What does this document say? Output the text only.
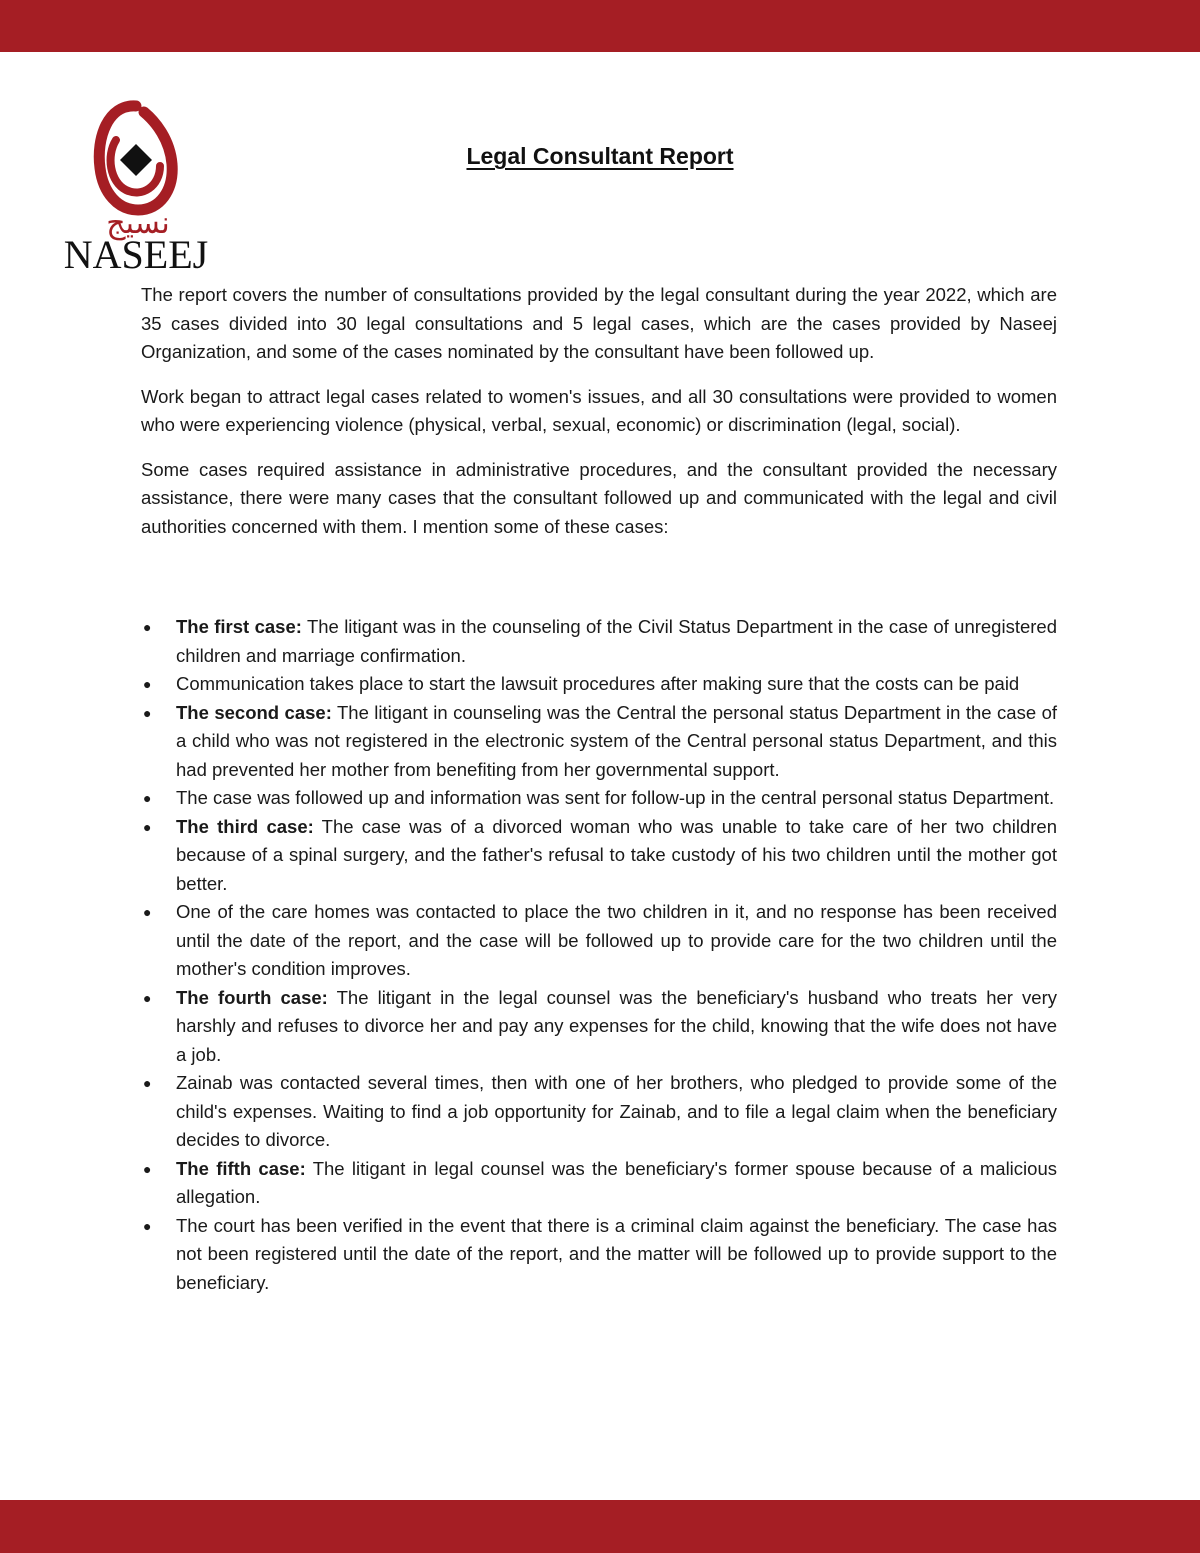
نسيج
NASEEJ
Legal Consultant Report

The report covers the number of consultations provided by the legal consultant during the year 2022, which are 35 cases divided into 30 legal consultations and 5 legal cases, which are the cases provided by Naseej Organization, and some of the cases nominated by the consultant have been followed up.

Work began to attract legal cases related to women's issues, and all 30 consultations were provided to women who were experiencing violence (physical, verbal, sexual, economic) or discrimination (legal, social).

Some cases required assistance in administrative procedures, and the consultant provided the necessary assistance, there were many cases that the consultant followed up and communicated with the legal and civil authorities concerned with them. I mention some of these cases:

● The first case: The litigant was in the counseling of the Civil Status Department in the case of unregistered children and marriage confirmation.
● Communication takes place to start the lawsuit procedures after making sure that the costs can be paid
● The second case: The litigant in counseling was the Central the personal status Department in the case of a child who was not registered in the electronic system of the Central personal status Department, and this had prevented her mother from benefiting from her governmental support.
● The case was followed up and information was sent for follow-up in the central personal status Department.
● The third case: The case was of a divorced woman who was unable to take care of her two children because of a spinal surgery, and the father's refusal to take custody of his two children until the mother got better.
● One of the care homes was contacted to place the two children in it, and no response has been received until the date of the report, and the case will be followed up to provide care for the two children until the mother's condition improves.
● The fourth case: The litigant in the legal counsel was the beneficiary's husband who treats her very harshly and refuses to divorce her and pay any expenses for the child, knowing that the wife does not have a job.
● Zainab was contacted several times, then with one of her brothers, who pledged to provide some of the child's expenses. Waiting to find a job opportunity for Zainab, and to file a legal claim when the beneficiary decides to divorce.
● The fifth case: The litigant in legal counsel was the beneficiary's former spouse because of a malicious allegation.
● The court has been verified in the event that there is a criminal claim against the beneficiary. The case has not been registered until the date of the report, and the matter will be followed up to provide support to the beneficiary.
